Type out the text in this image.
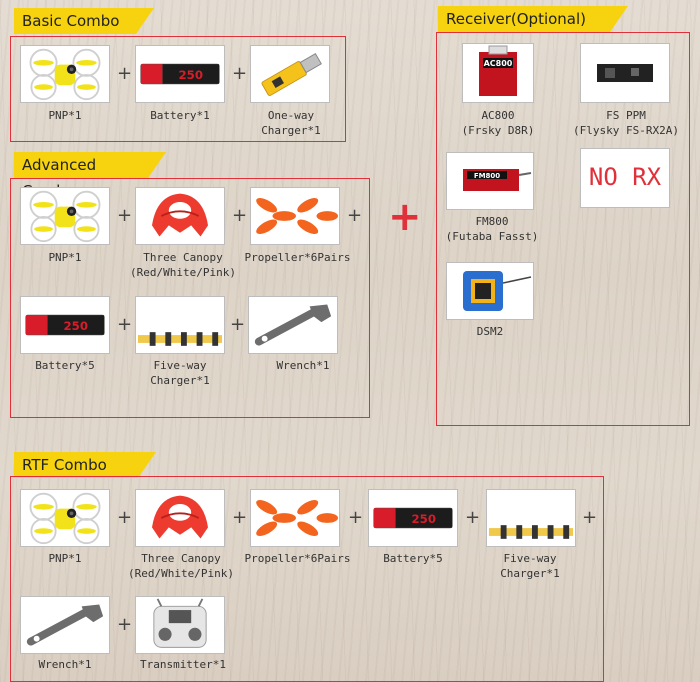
Basic Combo
PNP*1
+
Battery*1
+
One-way
Charger*1
Advanced
PNP*1
+
Three Canopy
(Red/White/Pink)
+
Propeller*6Pairs
+
Battery*5
+
Five-way
Charger*1
+
Wrench*1
+
Receiver(Optional)
AC800
AC800
(Frsky D8R)
FS PPM
(Flysky FS-RX2A)
FM800
FM800
(Futaba Fasst)
NO RX
DSM2
RTF Combo
PNP*1
+
Three Canopy
(Red/White/Pink)
+
Propeller*6Pairs
+
Battery*5
+
Five-way
Charger*1
+
Wrench*1
+
Transmitter*1
